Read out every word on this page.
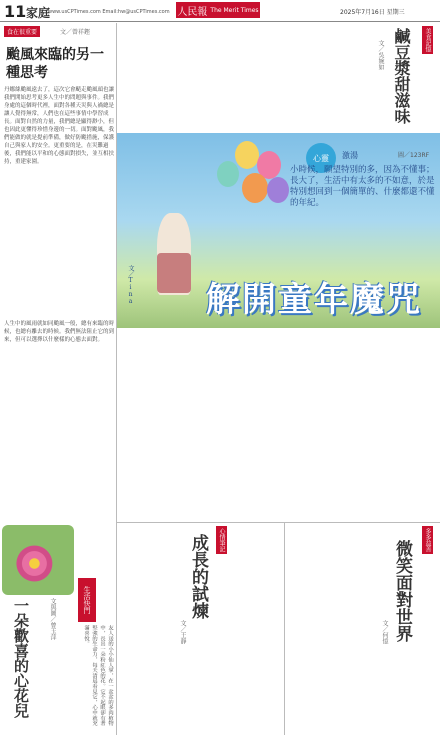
11 家庭
www.usCPTimes.com Email:hw@usCPTimes.com 人民報 The Merit Times	2025年7月16日 星期三
食在很重要	文／曾祥鏗
颱風來臨的另一種思考
丹娜絲颱風遠去了，這次它會颳走颱風頭也讓我們開始思考更多人生中的問題與事件。我們身處的這個時代裡，面對各種天災與人禍總是讓人覺得無常，人們也在這些事情中學習成長。面對自然的力量，我們總是顯得渺小，但也因此更懂得珍惜身邊的一切。面對颱風，我們能做的就是提前準備，做好防颱措施，保護自己與家人的安全。更重要的是，在災難過後，我們能以平和的心態面對損失，並互相扶持，重建家園。
人生中的風雨就如同颱風一般，總有來臨的時候，也總有離去的時候。我們無法阻止它的到來，但可以選擇以什麼樣的心態去面對。
生活快門
一朵歡喜的心花兒	文與圖／曾玉萍
友人送的小小仙人掌，在一盆盆的多肉植物中，長出一朵粉紅色的花。它不起眼卻有著堅強的生命力，每天清晨看見它，心中就充滿喜悅。
美食記憶
鹹豆漿甜滋味
文／吳婉如
圖／123RF
心靈	激湯
小時候，願望特別的多，因為不懂事；長大了，生活中有太多的不如意，於是特別想回到一個簡單的、什麼都還不懂的年紀。
解開童年魔咒
文／Tina
心情筆記
成長的試煉
文／王靜
多多益善
微笑面對世界
文／何憶
